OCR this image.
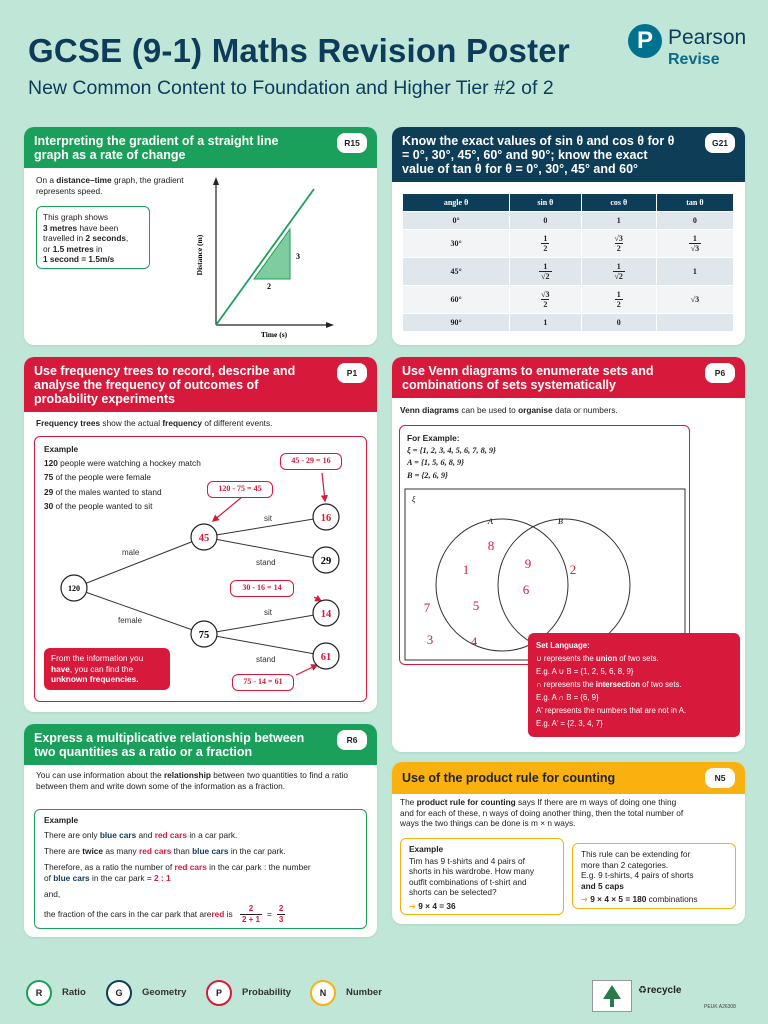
GCSE (9-1) Maths Revision Poster
New Common Content to Foundation and Higher Tier #2 of 2
P Pearson
Revise
Interpreting the gradient of a straight line graph as a rate of change
R15
On a distance–time graph, the gradient represents speed.
This graph shows
3 metres have been
travelled in 2 seconds,
or 1.5 metres in
1 second = 1.5m/s	Distance (m)
Time (s)
2
3
Know the exact values of sin θ and cos θ for θ = 0°, 30°, 45°, 60° and 90°; know the exact value of tan θ for θ = 0°, 30°, 45° and 60°
G21
angle θ	sin θ	cos θ	tan θ
0°	0	1	0
30°	$\frac{1}{2}$	$\frac{√3}{2}$	$\frac{1}{√3}$

45°	$\frac{1}{√2}$	$\frac{1}{√2}$	1
60°	$\frac{√3}{2}$	$\frac{1}{2}$	√3
90°	1	0	
Use frequency trees to record, describe and analyse the frequency of outcomes of probability experiments
P1
Frequency trees show the actual frequency of different events.
Example
120 people were watching a hockey match
75 of the people were female
29 of the males wanted to stand
30 of the people wanted to sit
120
45
75
16
29
14
61
male
female
sit
stand
sit
stand
45 - 29 = 16
120 - 75 = 45
30 - 16 = 14
75 - 14 = 61
From the information you
have, you can find the
unknown frequencies.
Use Venn diagrams to enumerate sets and combinations of sets systematically
P6
Venn diagrams can be used to organise data or numbers.
For Example:
ξ = {1, 2, 3, 4, 5, 6, 7, 8, 9}
A = {1, 5, 6, 8, 9}
B = {2, 6, 9}
ξ
A	B
8
1
5
9
6
2
7
3	4	Set Language:
∪ represents the union of two sets.
E.g. A ∪ B = {1, 2, 5, 6, 8, 9}
∩ represents the intersection of two sets.
E.g. A ∩ B = {6, 9}
A′ represents the numbers that are not in A.
E.g. A′ = {2, 3, 4, 7}
Express a multiplicative relationship between two quantities as a ratio or a fraction
R6
You can use information about the relationship between two quantities to find a ratio between them and write down some of the information as a fraction.
Example
There are only blue cars and red cars in a car park.
There are twice as many red cars than blue cars in the car park.
Therefore, as a ratio the number of red cars in the car park : the number
of blue cars in the car park = 2 : 1
and,
the fraction of the cars in the car park that are red is $\frac{2}{2 + 1} = \frac{2}{3}$
Use of the product rule for counting	N5
The product rule for counting says If there are m ways of doing one thing
and for each of these, n ways of doing another thing, then the total number of
ways the two things can be done is m × n ways.
Example
Tim has 9 t-shirts and 4 pairs of
shorts in his wardrobe. How many
outfit combinations of t-shirt and
shorts can be selected?
➔ 9 × 4 = 36
This rule can be extending for
more than 2 categories.
E.g. 9 t-shirts, 4 pairs of shorts
and 5 caps
➔ 9 × 4 × 5 = 180 combinations
R	Ratio	G	Geometry	P	Probability	N	Number	♻recycle
PEUK A26308
